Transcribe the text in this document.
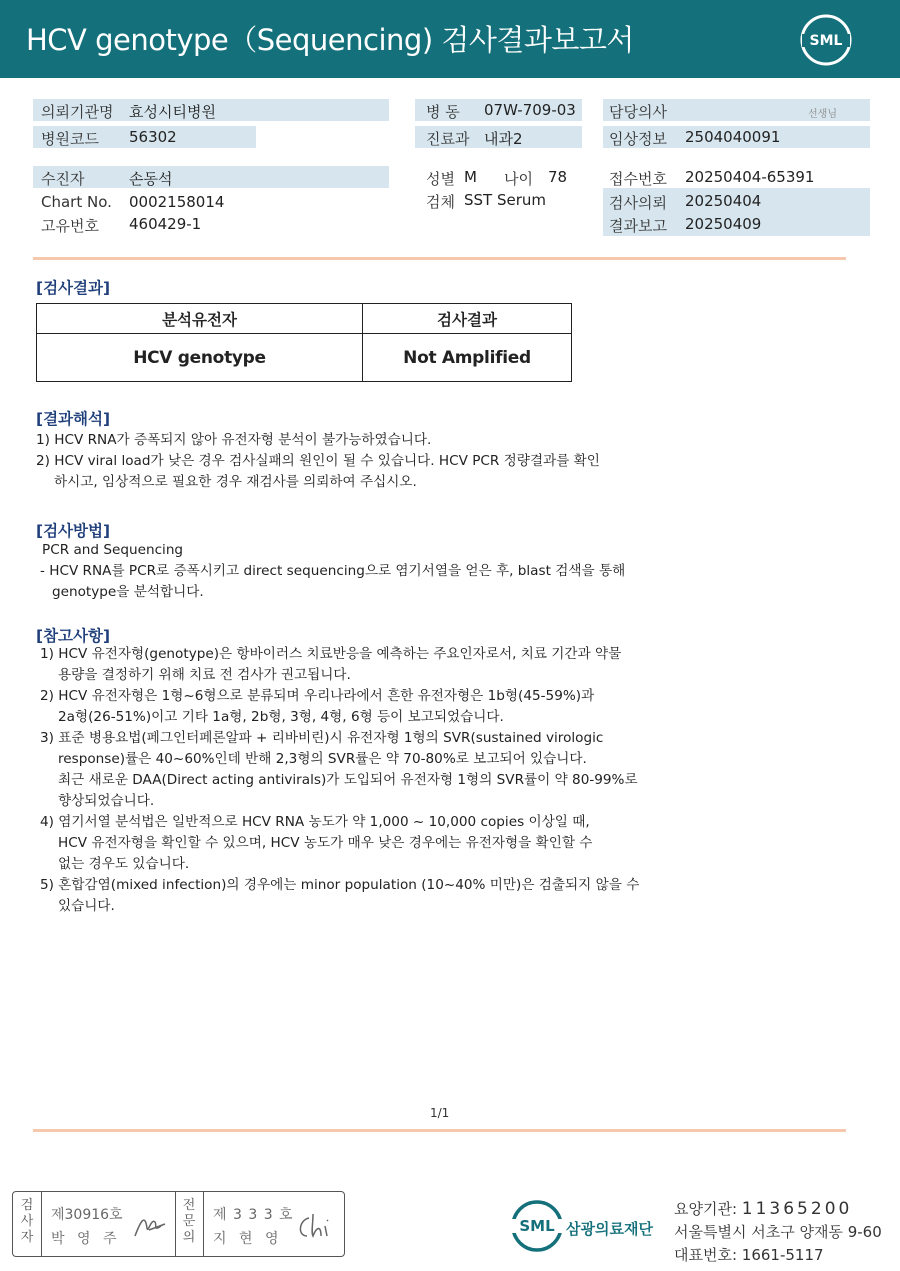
HCV genotype（Sequencing) 검사결과보고서	SML
의뢰기관명 효성시티병원
병원코드 56302
병 동 07W-709-03
진료과 내과2
담당의사	선생님
임상정보 2504040091
수진자	손동석
Chart No. 0002158014
고유번호 460429-1
성별 M 나이 78
검체 SST Serum
접수번호 20250404-65391
검사의뢰 20250404
결과보고 20250409
[검사결과]
분석유전자	검사결과
HCV genotype	Not Amplified
[결과해석]
1) HCV RNA가 증폭되지 않아 유전자형 분석이 불가능하였습니다.
2) HCV viral load가 낮은 경우 검사실패의 원인이 될 수 있습니다. HCV PCR 정량결과를 확인
하시고, 임상적으로 필요한 경우 재검사를 의뢰하여 주십시오.
[검사방법]
PCR and Sequencing
- HCV RNA를 PCR로 증폭시키고 direct sequencing으로 염기서열을 얻은 후, blast 검색을 통해
genotype을 분석합니다.
[참고사항]
1) HCV 유전자형(genotype)은 항바이러스 치료반응을 예측하는 주요인자로서, 치료 기간과 약물
용량을 결정하기 위해 치료 전 검사가 권고됩니다.
2) HCV 유전자형은 1형~6형으로 분류되며 우리나라에서 흔한 유전자형은 1b형(45-59%)과
2a형(26-51%)이고 기타 1a형, 2b형, 3형, 4형, 6형 등이 보고되었습니다.
3) 표준 병용요법(페그인터페론알파 + 리바비린)시 유전자형 1형의 SVR(sustained virologic
response)률은 40~60%인데 반해 2,3형의 SVR률은 약 70-80%로 보고되어 있습니다.
최근 새로운 DAA(Direct acting antivirals)가 도입되어 유전자형 1형의 SVR률이 약 80-99%로
향상되었습니다.
4) 염기서열 분석법은 일반적으로 HCV RNA 농도가 약 1,000 ~ 10,000 copies 이상일 때,
HCV 유전자형을 확인할 수 있으며, HCV 농도가 매우 낮은 경우에는 유전자형을 확인할 수
없는 경우도 있습니다.
5) 혼합감염(mixed infection)의 경우에는 minor population (10~40% 미만)은 검출되지 않을 수
있습니다.
1/1
검
사
자
제30916호
박 영 주
전
문
의
제 3 3 3 호
지 현 영
SML 삼광의료재단
요양기관: 11365200
서울특별시 서초구 양재동 9-60
대표번호: 1661-5117
